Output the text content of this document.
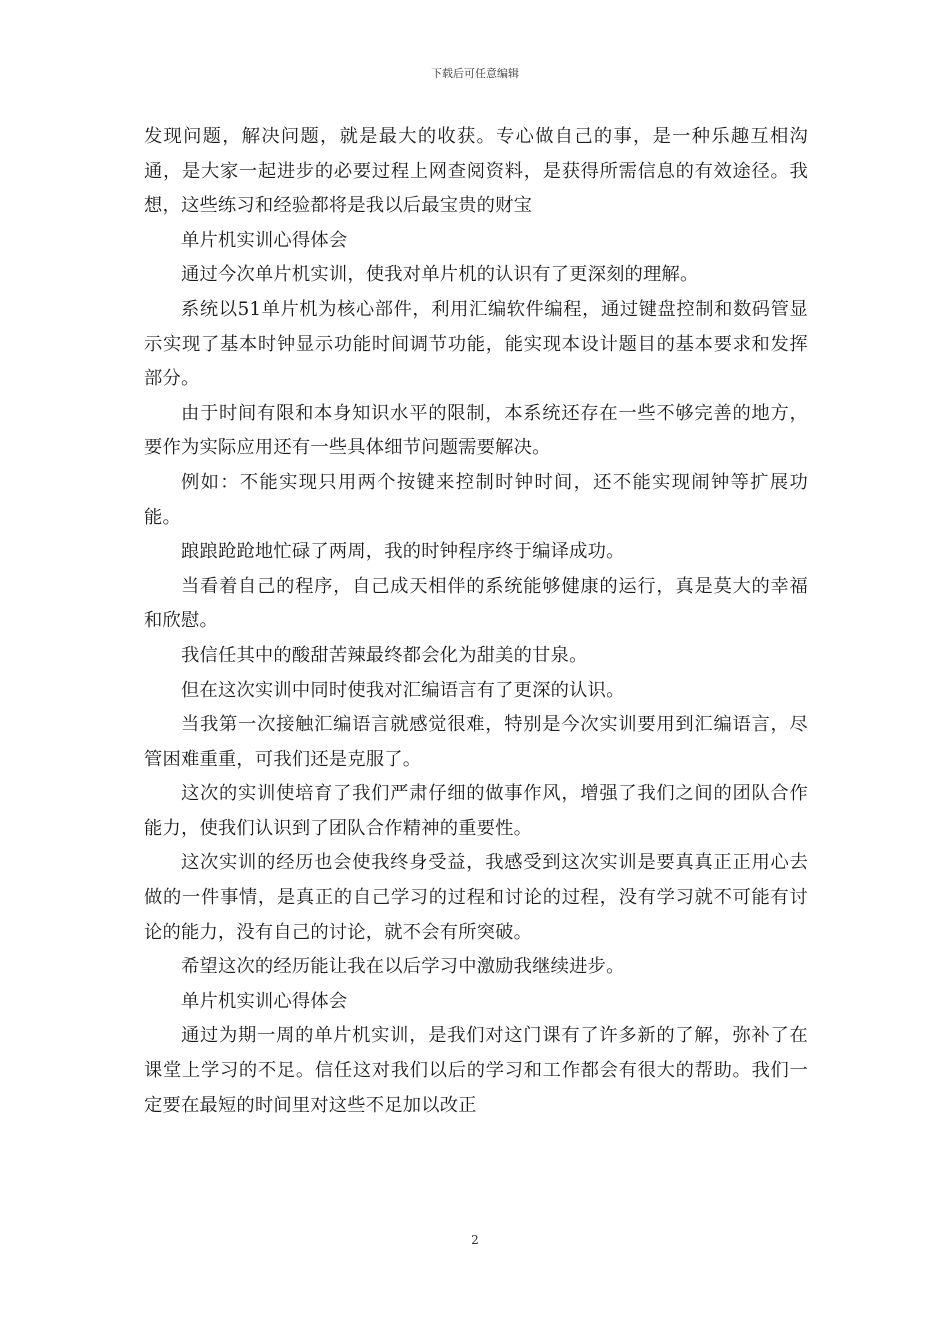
下载后可任意编辑

发现问题，解决问题，就是最大的收获。专心做自己的事，是一种乐趣互相沟通，是大家一起进步的必要过程上网查阅资料，是获得所需信息的有效途径。我想，这些练习和经验都将是我以后最宝贵的财宝

单片机实训心得体会

通过今次单片机实训，使我对单片机的认识有了更深刻的理解。

系统以51单片机为核心部件，利用汇编软件编程，通过键盘控制和数码管显示实现了基本时钟显示功能时间调节功能，能实现本设计题目的基本要求和发挥部分。

由于时间有限和本身知识水平的限制，本系统还存在一些不够完善的地方，要作为实际应用还有一些具体细节问题需要解决。

例如：不能实现只用两个按键来控制时钟时间，还不能实现闹钟等扩展功能。

踉踉跄跄地忙碌了两周，我的时钟程序终于编译成功。

当看着自己的程序，自己成天相伴的系统能够健康的运行，真是莫大的幸福和欣慰。

我信任其中的酸甜苦辣最终都会化为甜美的甘泉。

但在这次实训中同时使我对汇编语言有了更深的认识。

当我第一次接触汇编语言就感觉很难，特别是今次实训要用到汇编语言，尽管困难重重，可我们还是克服了。

这次的实训使培育了我们严肃仔细的做事作风，增强了我们之间的团队合作能力，使我们认识到了团队合作精神的重要性。

这次实训的经历也会使我终身受益，我感受到这次实训是要真真正正用心去做的一件事情，是真正的自己学习的过程和讨论的过程，没有学习就不可能有讨论的能力，没有自己的讨论，就不会有所突破。

希望这次的经历能让我在以后学习中激励我继续进步。

单片机实训心得体会

通过为期一周的单片机实训，是我们对这门课有了许多新的了解，弥补了在课堂上学习的不足。信任这对我们以后的学习和工作都会有很大的帮助。我们一定要在最短的时间里对这些不足加以改正

2
